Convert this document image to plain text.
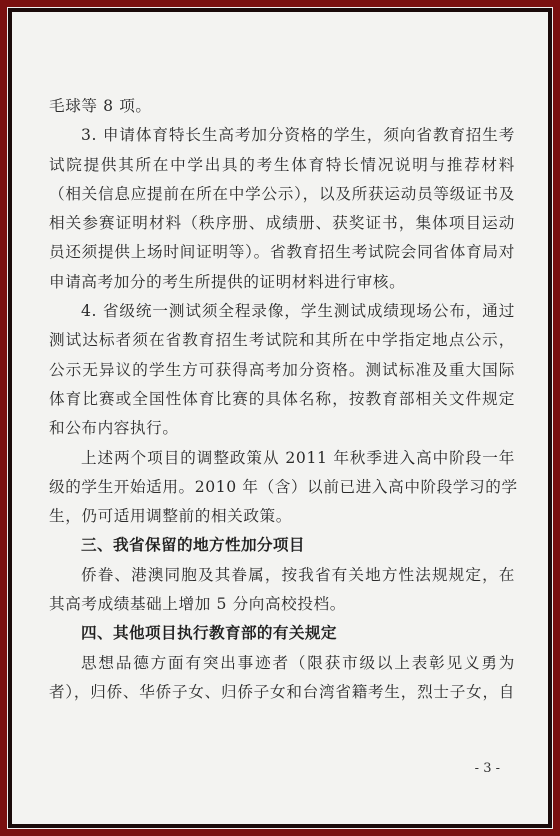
毛球等 8 项。
3. 申请体育特长生高考加分资格的学生，须向省教育招生考
试院提供其所在中学出具的考生体育特长情况说明与推荐材料
（相关信息应提前在所在中学公示），以及所获运动员等级证书及
相关参赛证明材料（秩序册、成绩册、获奖证书，集体项目运动
员还须提供上场时间证明等）。省教育招生考试院会同省体育局对
申请高考加分的考生所提供的证明材料进行审核。
4. 省级统一测试须全程录像，学生测试成绩现场公布，通过
测试达标者须在省教育招生考试院和其所在中学指定地点公示，
公示无异议的学生方可获得高考加分资格。测试标准及重大国际
体育比赛或全国性体育比赛的具体名称，按教育部相关文件规定
和公布内容执行。
上述两个项目的调整政策从 2011 年秋季进入高中阶段一年
级的学生开始适用。2010 年（含）以前已进入高中阶段学习的学
生，仍可适用调整前的相关政策。
三、我省保留的地方性加分项目
侨眷、港澳同胞及其眷属，按我省有关地方性法规规定，在
其高考成绩基础上增加 5 分向高校投档。
四、其他项目执行教育部的有关规定
思想品德方面有突出事迹者（限获市级以上表彰见义勇为
者），归侨、华侨子女、归侨子女和台湾省籍考生，烈士子女，自
- 3 -
